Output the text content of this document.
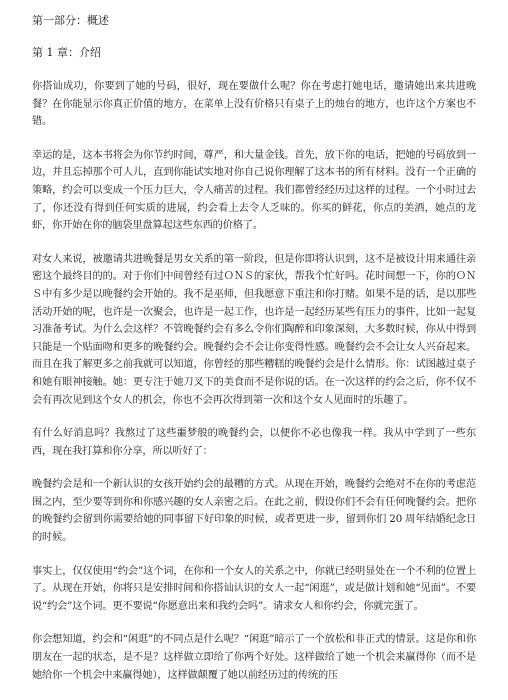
第一部分：概述
第 1 章：介绍

你搭讪成功，你要到了她的号码，很好，现在要做什么呢？你在考虑打她电话，邀请她出来共进晚餐？在你能显示你真正价值的地方，在菜单上没有价格只有桌子上的烛台的地方，也许这个方案也不错。

幸运的是，这本书将会为你节约时间，尊严，和大量金钱。首先，放下你的电话，把她的号码放到一边，并且忘掉那个可人儿，直到你能试实地对你自己说你理解了这本书的所有材料。没有一个正确的策略，约会可以变成一个压力巨大，令人痛苦的过程。我们都曾经经历过这样的过程。一个小时过去了，你还没有得到任何实质的进展，约会看上去令人乏味的。你买的鲜花，你点的美酒，她点的龙虾，你开始在你的脑袋里盘算起这些东西的价格了。

对女人来说，被邀请共进晚餐是男女关系的第一阶段，但是你即将认识到，这不是被设计用来通往亲密这个最终目的的。对于你们中间曾经有过ＯＮＳ的家伙，帮我个忙好吗。花时间想一下，你的ＯＮＳ中有多少是以晚餐约会开始的。我不是巫师，但我愿意下重注和你打赌。如果不是的话，是以那些活动开始的呢，也许是一次聚会，也许是一起工作，也许是一起经历某些有压力的事件，比如一起复习准备考试。为什么会这样？不管晚餐约会有多么令你们陶醉和印象深刻，大多数时候，你从中得到只能是一个贴面吻和更多的晚餐约会。晚餐约会不会让你变得性感。晚餐约会不会让女人兴奋起来。而且在我了解更多之前我就可以知道，你曾经的那些糟糕的晚餐约会是什么情形。你：试图越过桌子和她有眼神接触。她：更专注于她刀叉下的美食而不是你说的话。在一次这样的约会之后，你不仅不会有再次见到这个女人的机会，你也不会再次得到第一次和这个女人见面时的乐趣了。

有什么好消息吗？我熬过了这些噩梦般的晚餐约会，以便你不必也像我一样。我从中学到了一些东西，现在我打算和你分享，所以听好了：

晚餐约会是和一个新认识的女孩开始约会的最糟的方式。从现在开始，晚餐约会绝对不在你的考虑范围之内，至少要等到你和你感兴趣的女人亲密之后。在此之前，假设你们不会有任何晚餐约会。把你的晚餐约会留到你需要给她的同事留下好印象的时候，或者更进一步，留到你们 20 周年结婚纪念日的时候。

事实上，仅仅使用“约会”这个词，在你和一个女人的关系之中，你就已经明显处在一个不利的位置上了。从现在开始，你将只是安排时间和你搭讪认识的女人一起“闲逛”，或是做计划和她“见面”。不要说“约会”这个词。更不要说“你愿意出来和我约会吗”。请求女人和你约会，你就完蛋了。

你会想知道，约会和“闲逛”的不同点是什么呢？“闲逛”暗示了一个放松和非正式的情景。这是你和你朋友在一起的状态，是不是？这样做立即给了你两个好处。这样做给了她一个机会来赢得你（而不是她给你一个机会中来赢得她），这样做颠覆了她以前经历过的传统的压
